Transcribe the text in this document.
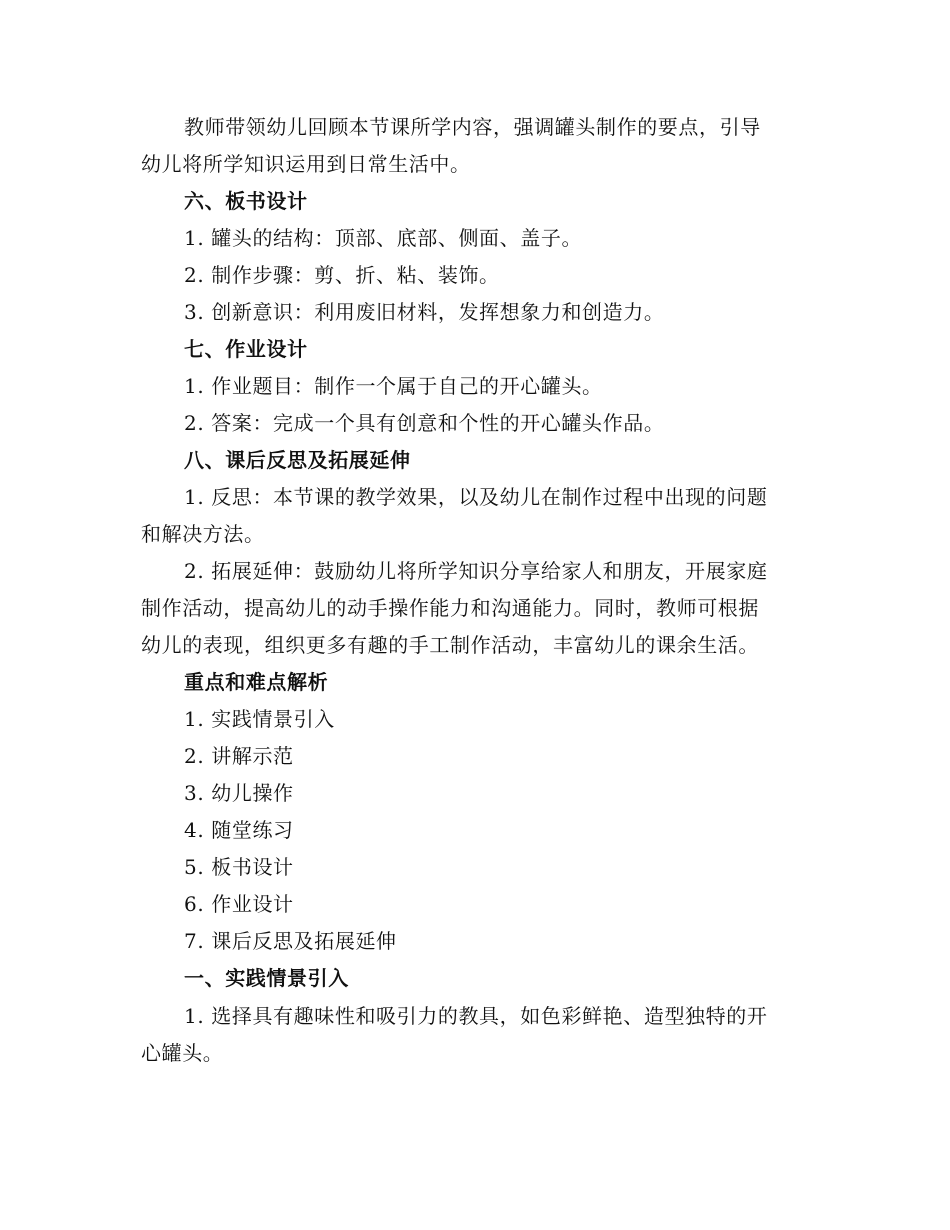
教师带领幼儿回顾本节课所学内容，强调罐头制作的要点，引导
幼儿将所学知识运用到日常生活中。
六、板书设计
1. 罐头的结构：顶部、底部、侧面、盖子。
2. 制作步骤：剪、折、粘、装饰。
3. 创新意识：利用废旧材料，发挥想象力和创造力。
七、作业设计
1. 作业题目：制作一个属于自己的开心罐头。
2. 答案：完成一个具有创意和个性的开心罐头作品。
八、课后反思及拓展延伸
1. 反思：本节课的教学效果，以及幼儿在制作过程中出现的问题
和解决方法。
2. 拓展延伸：鼓励幼儿将所学知识分享给家人和朋友，开展家庭
制作活动，提高幼儿的动手操作能力和沟通能力。同时，教师可根据
幼儿的表现，组织更多有趣的手工制作活动，丰富幼儿的课余生活。
重点和难点解析
1. 实践情景引入
2. 讲解示范
3. 幼儿操作
4. 随堂练习
5. 板书设计
6. 作业设计
7. 课后反思及拓展延伸
一、实践情景引入
1. 选择具有趣味性和吸引力的教具，如色彩鲜艳、造型独特的开
心罐头。
